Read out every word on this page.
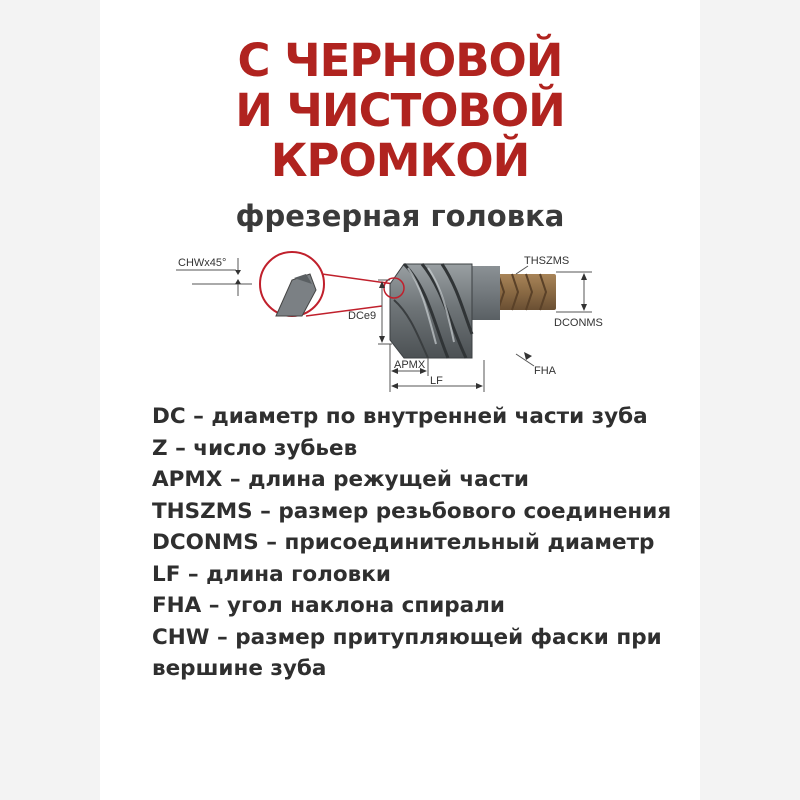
С ЧЕРНОВОЙ
И ЧИСТОВОЙ
КРОМКОЙ
фрезерная головка
CHWx45°
DCe9
DCONMS
THSZMS
APMX
LF
FHA
DC – диаметр по внутренней части зуба
Z – число зубьев
APMX – длина режущей части
THSZMS – размер резьбового соединения
DCONMS – присоединительный диаметр
LF – длина головки
FHA – угол наклона спирали
CHW – размер притупляющей фаски при вершине зуба
